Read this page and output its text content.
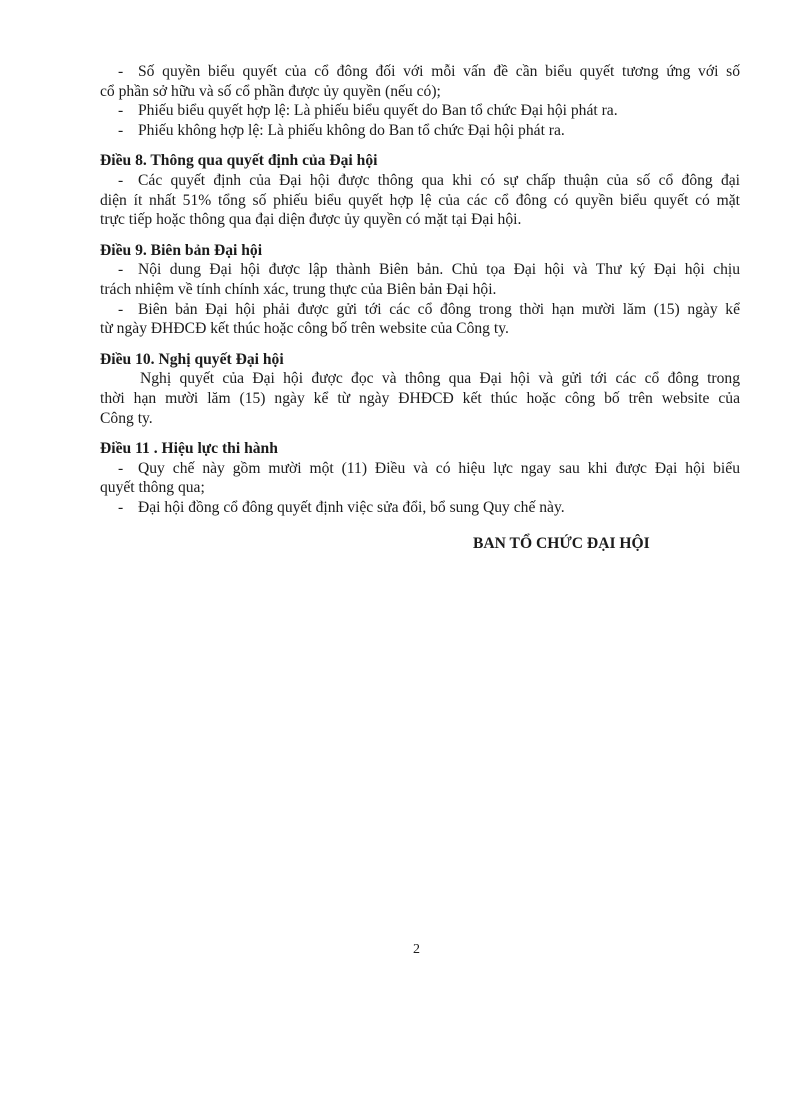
- Số quyền biểu quyết của cổ đông đối với mỗi vấn đề cần biểu quyết tương ứng với số
cổ phần sở hữu và số cổ phần được ủy quyền (nếu có);
- Phiếu biểu quyết hợp lệ: Là phiếu biểu quyết do Ban tổ chức Đại hội phát ra.
- Phiếu không hợp lệ: Là phiếu không do Ban tổ chức Đại hội phát ra.
Điều 8. Thông qua quyết định của Đại hội
- Các quyết định của Đại hội được thông qua khi có sự chấp thuận của số cổ đông đại
diện ít nhất 51% tổng số phiếu biểu quyết hợp lệ của các cổ đông có quyền biểu quyết có mặt
trực tiếp hoặc thông qua đại diện được ủy quyền có mặt tại Đại hội.
Điều 9. Biên bản Đại hội
- Nội dung Đại hội được lập thành Biên bản. Chủ tọa Đại hội và Thư ký Đại hội chịu
trách nhiệm về tính chính xác, trung thực của Biên bản Đại hội.
- Biên bản Đại hội phải được gửi tới các cổ đông trong thời hạn mười lăm (15) ngày kể
từ ngày ĐHĐCĐ kết thúc hoặc công bố trên website của Công ty.
Điều 10. Nghị quyết Đại hội
Nghị quyết của Đại hội được đọc và thông qua Đại hội và gửi tới các cổ đông trong
thời hạn mười lăm (15) ngày kể từ ngày ĐHĐCĐ kết thúc hoặc công bố trên website của
Công ty.
Điều 11 . Hiệu lực thi hành
- Quy chế này gồm mười một (11) Điều và có hiệu lực ngay sau khi được Đại hội biểu
quyết thông qua;
- Đại hội đồng cổ đông quyết định việc sửa đổi, bổ sung Quy chế này.
BAN TỔ CHỨC ĐẠI HỘI
2
